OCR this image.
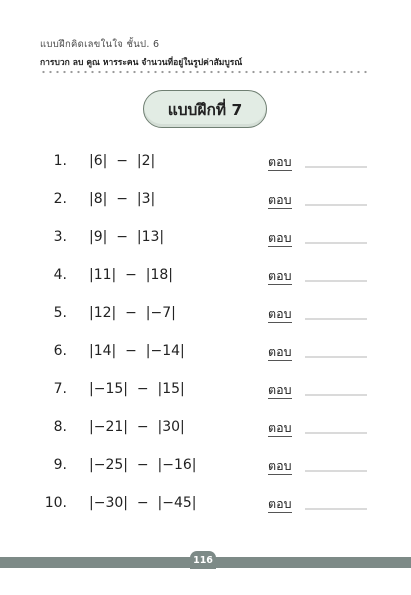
แบบฝึกคิดเลขในใจ ชั้นป. 6
การบวก ลบ คูณ หารระคน จำนวนที่อยู่ในรูปค่าสัมบูรณ์
แบบฝึกที่ 7
1. |6|  −  |2|	ตอบ
2. |8|  −  |3|	ตอบ
3. |9|  −  |13|	ตอบ
4. |11|  −  |18|	ตอบ
5. |12|  −  |−7|	ตอบ
6. |14|  −  |−14|	ตอบ
7. |−15|  −  |15|	ตอบ
8. |−21|  −  |30|	ตอบ
9. |−25|  −  |−16|	ตอบ
10. |−30|  −  |−45|	ตอบ
116
